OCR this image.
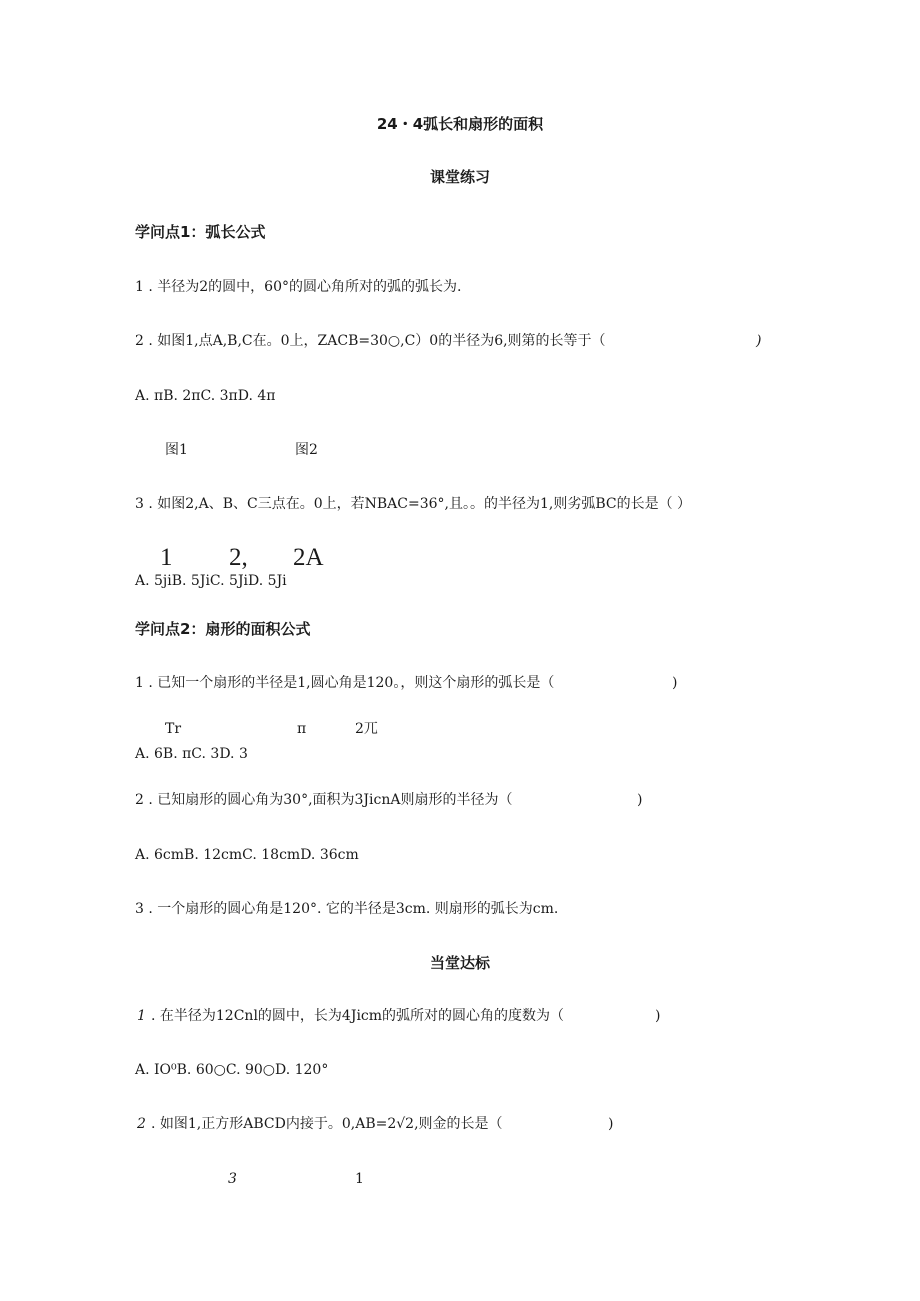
24・4弧长和扇形的面积
课堂练习
学问点1：弧长公式
1 . 半径为2的圆中，60°的圆心角所对的弧的弧长为.
2 . 如图1,点A,B,C在。0上，ZACB=30○,C）0的半径为6,则第的长等于（	)
A. πB. 2πC. 3πD. 4π
图1	图2
3 . 如图2,A、B、C三点在。0上，若NBAC=36°,且。。的半径为1,则劣弧BC的长是（ ）
1 2, 2A
A. 5jiB. 5JiC. 5JiD. 5Ji
学问点2：扇形的面积公式
1 . 已知一个扇形的半径是1,圆心角是120。，则这个扇形的弧长是（	)
Tr	π	2兀
A. 6B. πC. 3D. 3
2 . 已知扇形的圆心角为30°,面积为3JicnA则扇形的半径为（	)
A. 6cmB. 12cmC. 18cmD. 36cm
3 . 一个扇形的圆心角是120°. 它的半径是3cm. 则扇形的弧长为cm.
当堂达标
1 . 在半径为12Cnl的圆中，长为4Jicm的弧所对的圆心角的度数为（	)
A. IO⁰B. 60○C. 90○D. 120°
2 . 如图1,正方形ABCD内接于。0,AB=2√2,则金的长是（	)
3	1
